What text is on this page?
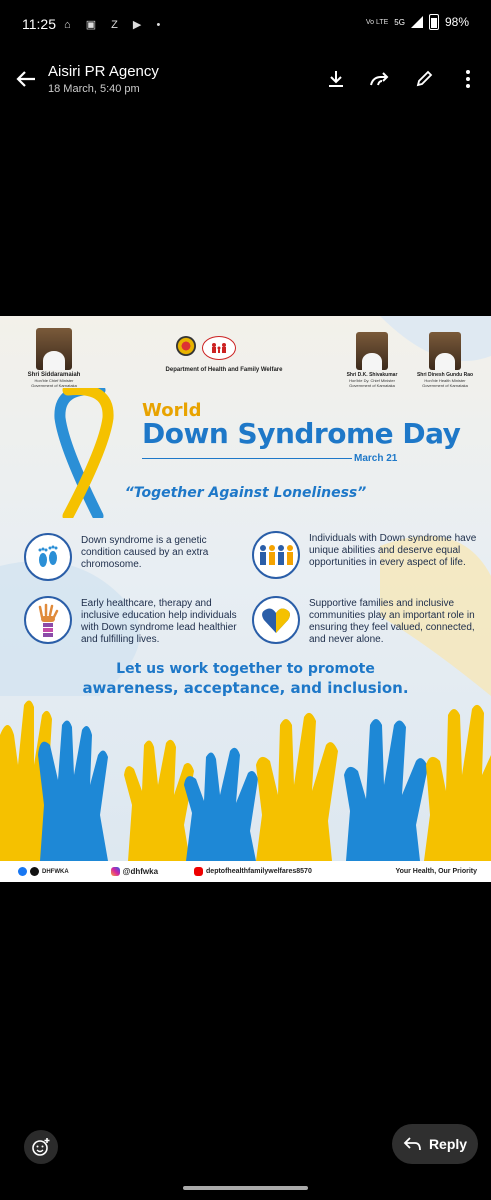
11:25 ⌂ ▣ Z ▶ •	Vo LTE 5G	98%
Aisiri PR Agency
18 March, 5:40 pm
Shri Siddaramaiah
Hon'ble Chief Minister
Government of Karnataka
Shri D.K. Shivakumar
Hon'ble Dy. Chief Minister
Government of Karnataka
Shri Dinesh Gundu Rao
Hon'ble Health Minister
Government of Karnataka
Department of Health and Family Welfare
World
Down Syndrome Day
March 21
“Together Against Loneliness”
Down syndrome is a genetic condition caused by an extra chromosome.
Individuals with Down syndrome have unique abilities and deserve equal opportunities in every aspect of life.
Early healthcare, therapy and inclusive education help individuals with Down syndrome lead healthier and fulfilling lives.
Supportive families and inclusive communities play an important role in ensuring they feel valued, connected, and never alone.
Let us work together to promote
awareness, acceptance, and inclusion.
DHFWKA	@dhfwka	deptofhealthfamilywelfares8570	Your Health, Our Priority
Reply
